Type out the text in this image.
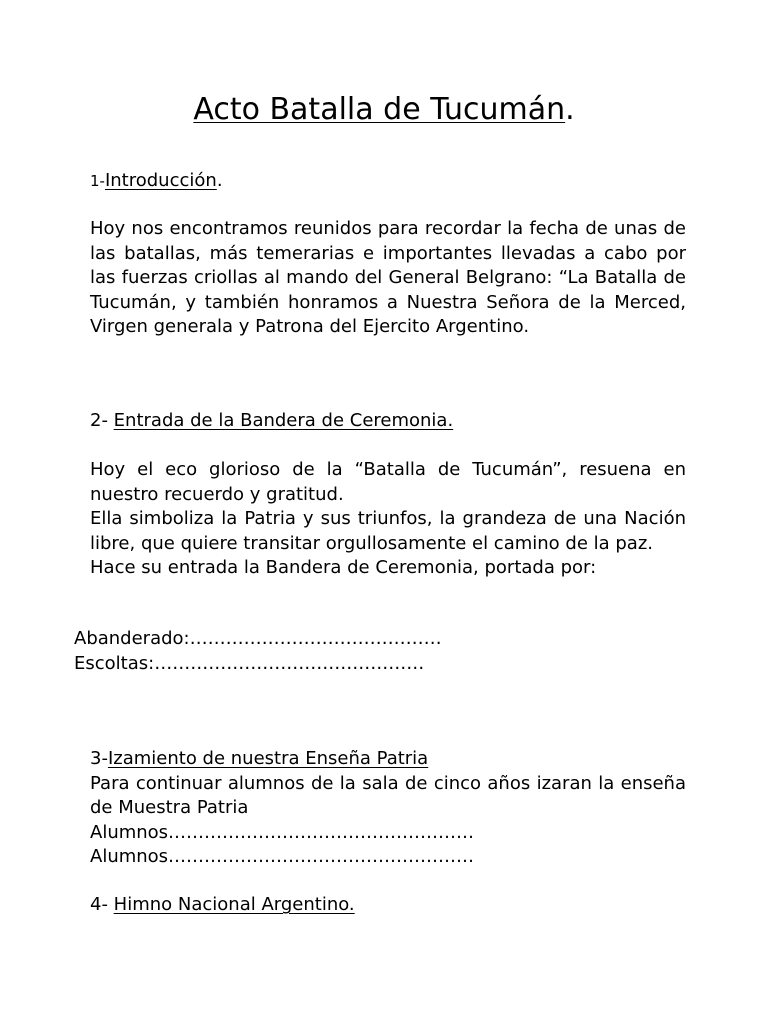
Acto Batalla de Tucumán.

1-Introducción.

Hoy nos encontramos reunidos para recordar la fecha de unas de las batallas, más temerarias e importantes llevadas a cabo por las fuerzas criollas al mando del General Belgrano: “La Batalla de Tucumán, y también honramos a Nuestra Señora de la Merced, Virgen generala y Patrona del Ejercito Argentino.

2- Entrada de la Bandera de Ceremonia.

Hoy el eco glorioso de la “Batalla de Tucumán”, resuena en nuestro recuerdo y gratitud.
Ella simboliza la Patria y sus triunfos, la grandeza de una Nación libre, que quiere transitar orgullosamente el camino de la paz.
Hace su entrada la Bandera de Ceremonia, portada por:
Abanderado:……………………………………
Escoltas:………………………………………
3-Izamiento de nuestra Enseña Patria
Para continuar alumnos de la sala de cinco años izaran la enseña de Muestra Patria
Alumnos……………………………………………
Alumnos……………………………………………

4- Himno Nacional Argentino.
